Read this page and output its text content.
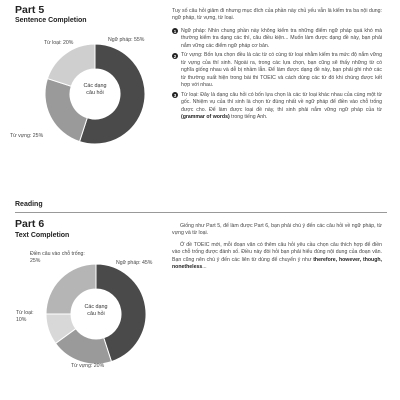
Part 5
Sentence Completion
Từ loại: 20%	Ngữ pháp: 55%
Từ vựng: 25%
Các dạng
câu hỏi
Tuy số câu hỏi giảm đi nhưng mục đích của phần này chủ yếu vẫn là kiểm tra ba nội dung: ngữ pháp, từ vựng, từ loại.
1 Ngữ pháp: Nhìn chung phần này không kiểm tra những điểm ngữ pháp quá khó mà thường kiểm tra dạng các thì, câu điều kiện... Muốn làm được dạng đề này, bạn phải nắm vững các điểm ngữ pháp cơ bản.
2 Từ vựng: Bốn lựa chọn đều là các từ có cùng từ loại nhằm kiểm tra mức độ nắm vững từ vựng của thí sinh. Ngoài ra, trong các lựa chọn, bạn cũng sẽ thấy những từ có nghĩa giống nhau và dễ bị nhầm lẫn. Để làm được dạng đề này, bạn phải ghi nhớ các từ thường xuất hiện trong bài thi TOEIC và cách dùng các từ đó khi chúng được kết hợp với nhau.
3 Từ loại: Đây là dạng câu hỏi có bốn lựa chọn là các từ loại khác nhau của cùng một từ gốc. Nhiệm vụ của thí sinh là chọn từ đúng nhất về ngữ pháp để điền vào chỗ trống được cho. Để làm được loại đề này, thí sinh phải nắm vững ngữ pháp của từ (grammar of words) trong tiếng Anh.
Reading
Part 6
Text Completion
Điền câu vào chỗ trống: 25%	Ngữ pháp: 45%
Từ loại: 10%
Từ vựng: 20%
Các dạng
câu hỏi
Giống như Part 5, để làm được Part 6, bạn phải chú ý đến các câu hỏi về ngữ pháp, từ vựng và từ loại.
Ở đề TOEIC mới, mỗi đoạn văn có thêm câu hỏi yêu cầu chọn câu thích hợp để điền vào chỗ trống được đánh số. Điều này đòi hỏi bạn phải hiểu đúng nội dung của đoạn văn. Bạn cũng nên chú ý đến các liên từ dùng để chuyển ý như therefore, however, though, nonetheless...
